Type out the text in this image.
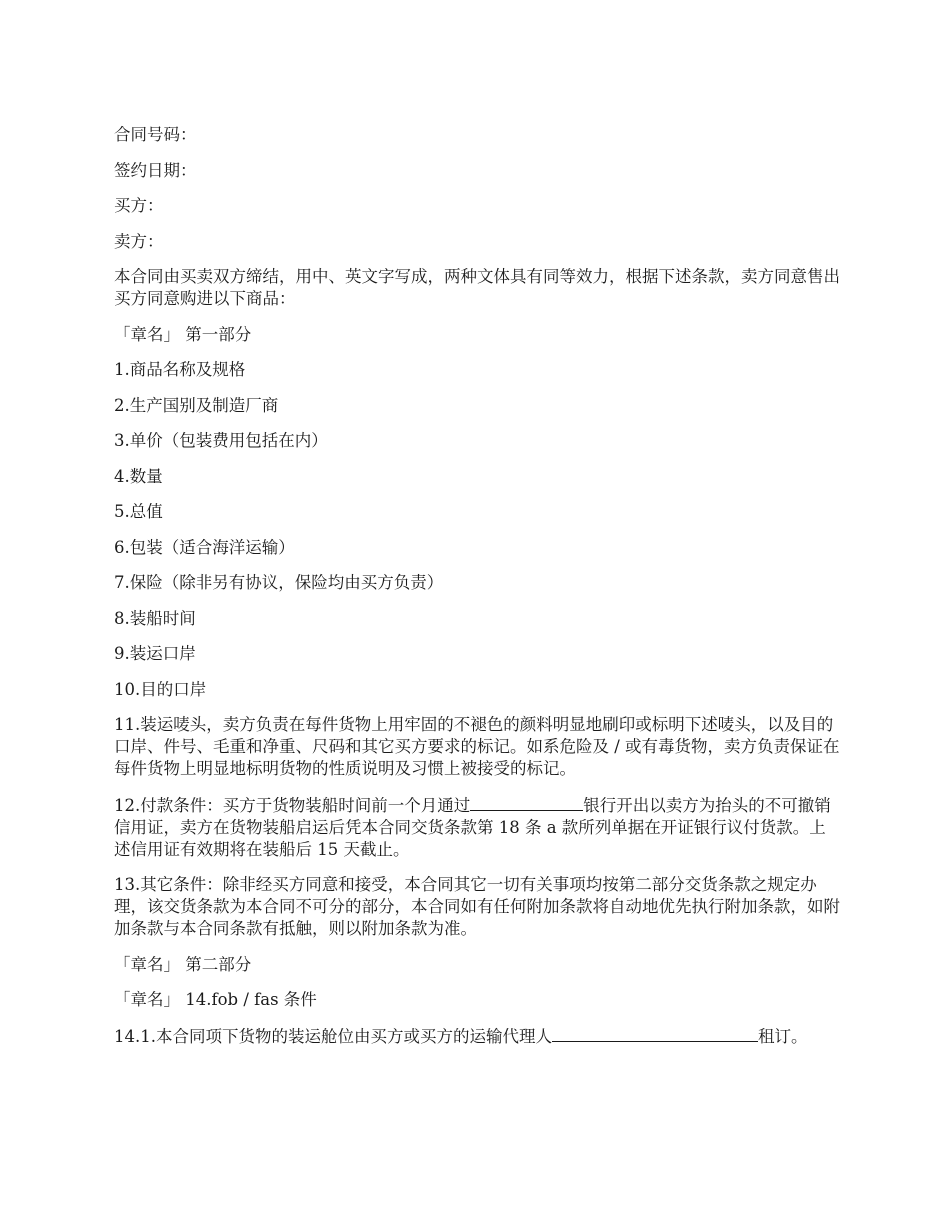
合同号码：

签约日期：

买方：

卖方：

本合同由买卖双方缔结，用中、英文字写成，两种文体具有同等效力，根据下述条款，卖方同意售出买方同意购进以下商品：

「章名」 第一部分

1.商品名称及规格

2.生产国别及制造厂商

3.单价（包装费用包括在内）

4.数量

5.总值

6.包装（适合海洋运输）

7.保险（除非另有协议，保险均由买方负责）

8.装船时间

9.装运口岸

10.目的口岸

11.装运唛头，卖方负责在每件货物上用牢固的不褪色的颜料明显地刷印或标明下述唛头，以及目的口岸、件号、毛重和净重、尺码和其它买方要求的标记。如系危险及 / 或有毒货物，卖方负责保证在每件货物上明显地标明货物的性质说明及习惯上被接受的标记。

12.付款条件：买方于货物装船时间前一个月通过	银行开出以卖方为抬头的不可撤销信用证，卖方在货物装船启运后凭本合同交货条款第 18 条 a 款所列单据在开证银行议付货款。上述信用证有效期将在装船后 15 天截止。

13.其它条件：除非经买方同意和接受，本合同其它一切有关事项均按第二部分交货条款之规定办理，该交货条款为本合同不可分的部分，本合同如有任何附加条款将自动地优先执行附加条款，如附加条款与本合同条款有抵触，则以附加条款为准。

「章名」 第二部分

「章名」 14.fob / fas 条件

14.1.本合同项下货物的装运舱位由买方或买方的运输代理人	租订。
